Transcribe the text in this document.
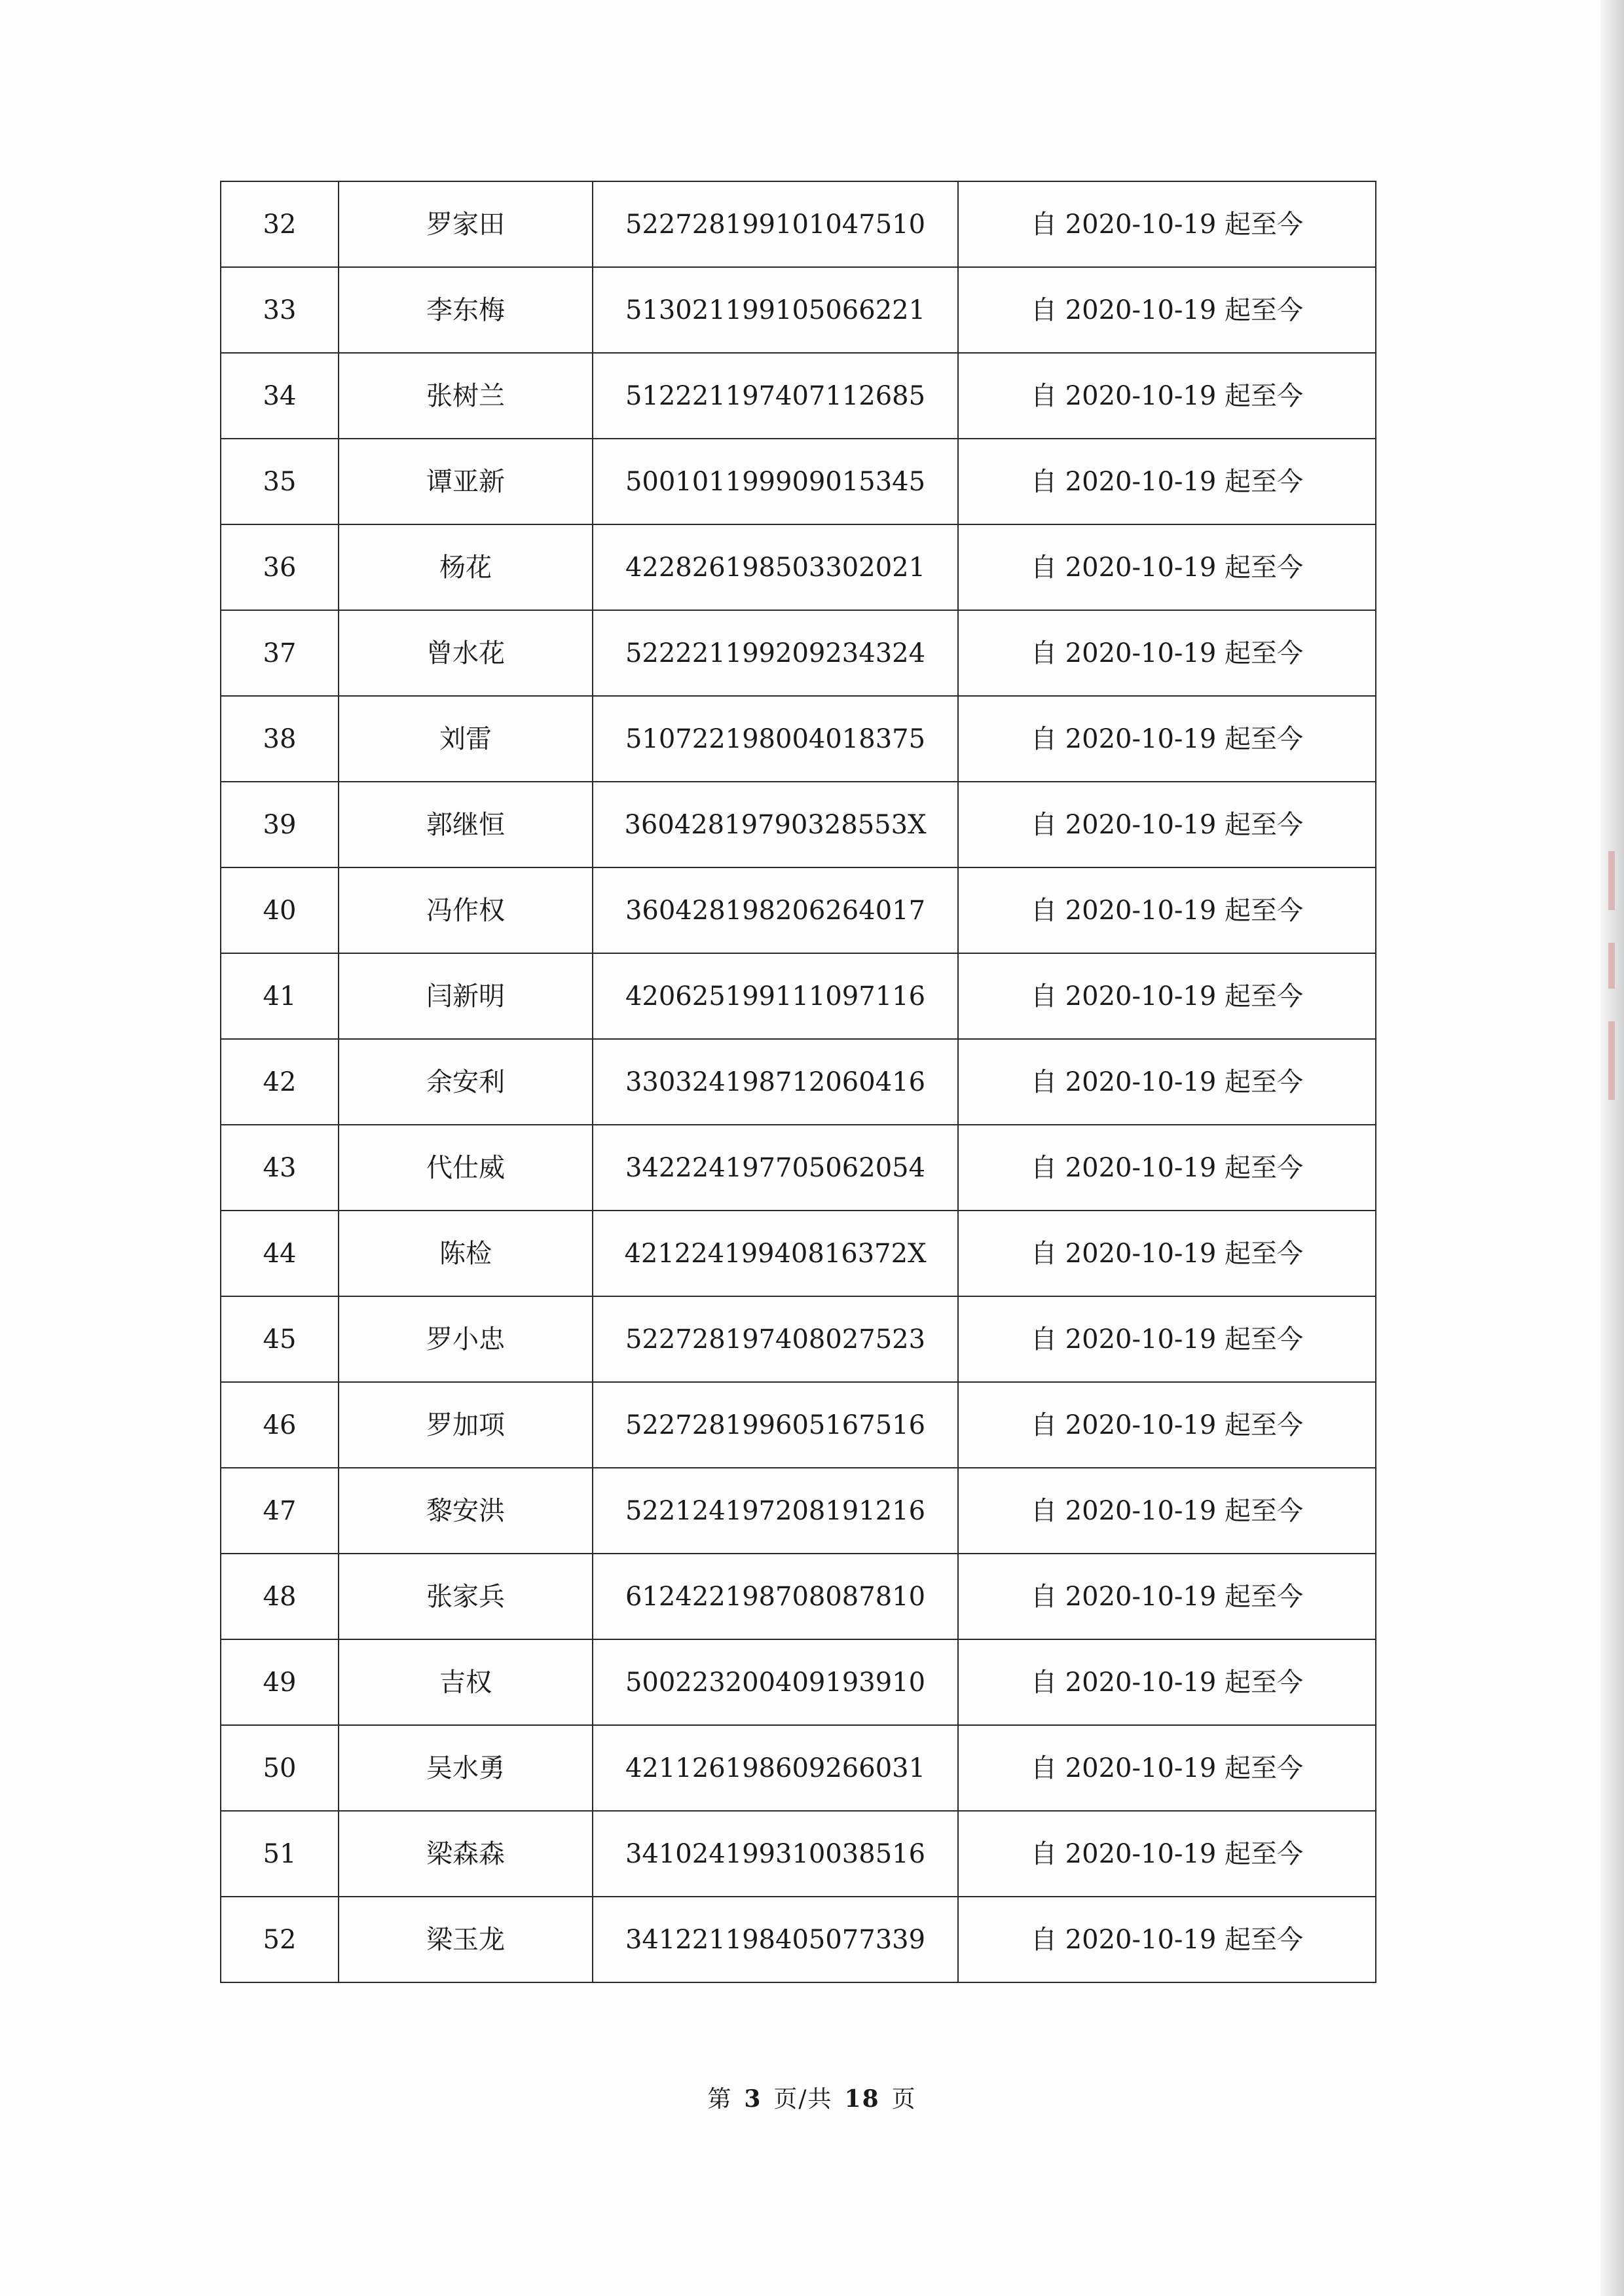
32	罗家田	522728199101047510	自 2020-10-19 起至今
33	李东梅	513021199105066221	自 2020-10-19 起至今
34	张树兰	512221197407112685	自 2020-10-19 起至今
35	谭亚新	500101199909015345	自 2020-10-19 起至今
36	杨花	422826198503302021	自 2020-10-19 起至今
37	曾水花	522221199209234324	自 2020-10-19 起至今
38	刘雷	510722198004018375	自 2020-10-19 起至今
39	郭继恒	36042819790328553X	自 2020-10-19 起至今
40	冯作权	360428198206264017	自 2020-10-19 起至今
41	闫新明	420625199111097116	自 2020-10-19 起至今
42	余安利	330324198712060416	自 2020-10-19 起至今
43	代仕威	342224197705062054	自 2020-10-19 起至今
44	陈检	42122419940816372X	自 2020-10-19 起至今
45	罗小忠	522728197408027523	自 2020-10-19 起至今
46	罗加项	522728199605167516	自 2020-10-19 起至今
47	黎安洪	522124197208191216	自 2020-10-19 起至今
48	张家兵	612422198708087810	自 2020-10-19 起至今
49	吉权	500223200409193910	自 2020-10-19 起至今
50	吴水勇	421126198609266031	自 2020-10-19 起至今
51	梁森森	341024199310038516	自 2020-10-19 起至今
52	梁玉龙	341221198405077339	自 2020-10-19 起至今
第 3 页/共 18 页
